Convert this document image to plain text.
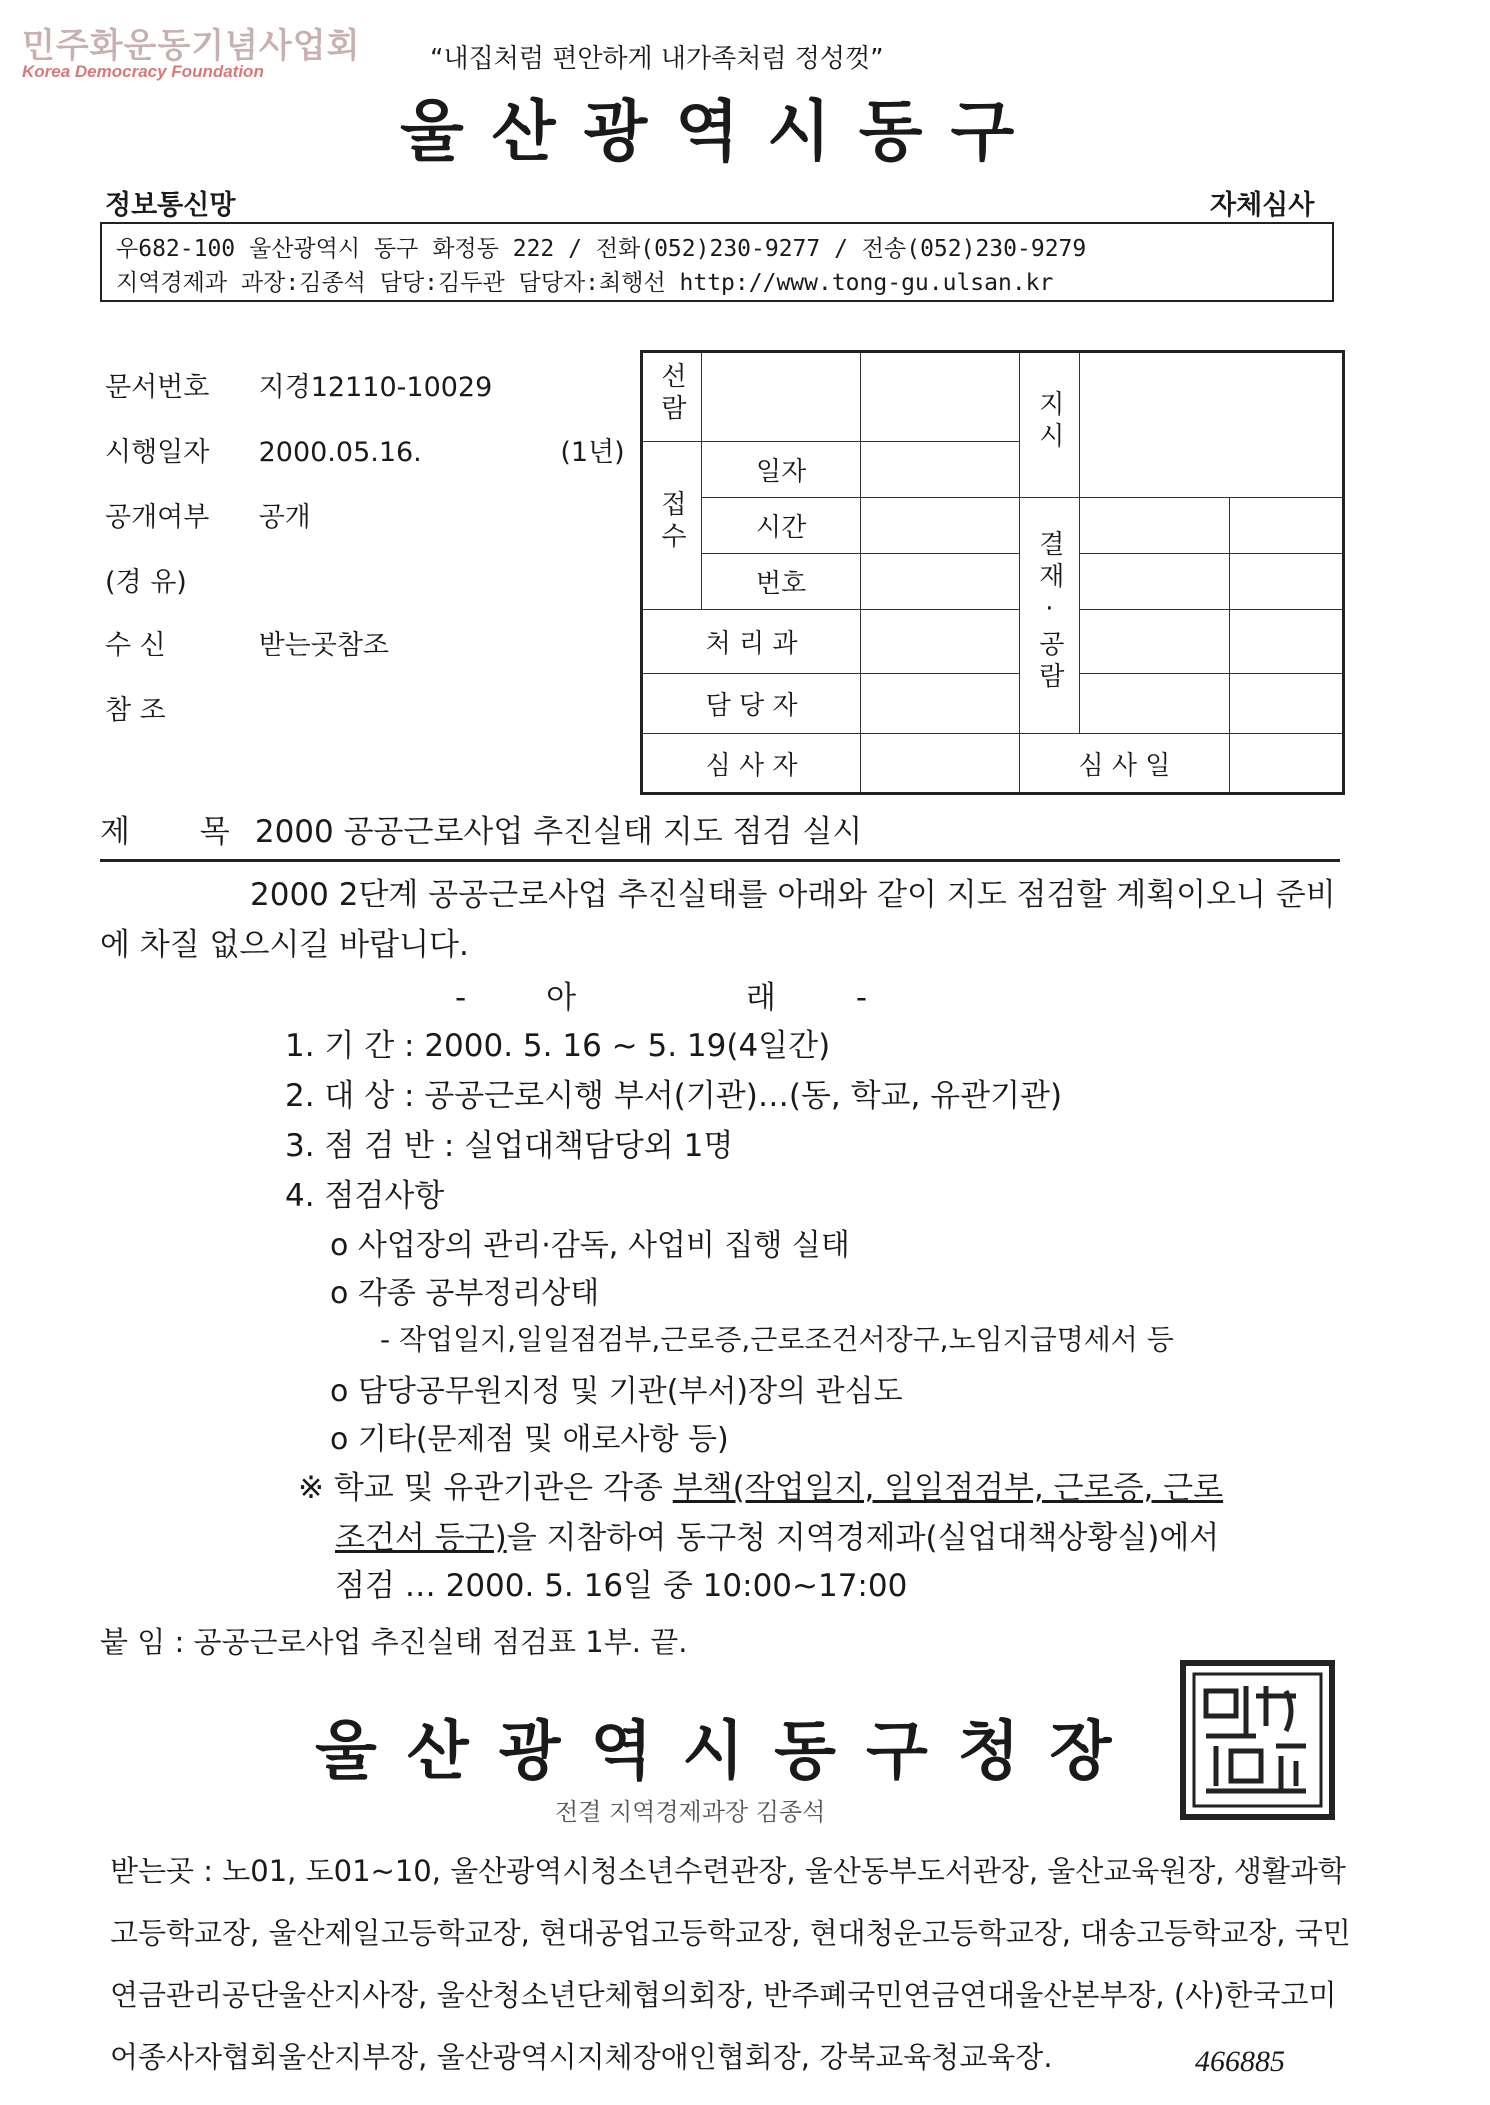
민주화운동기념사업회
Korea Democracy Foundation	“내집처럼 편안하게 내가족처럼 정성껏”
울산광역시동구
정보통신망	자체심사
우682-100 울산광역시 동구 화정동 222 / 전화(052)230-9277 / 전송(052)230-9279
지역경제과 과장:김종석 담당:김두관 담당자:최행선 http://www.tong-gu.ulsan.kr
문서번호 지경12110-10029
시행일자 2000.05.16.	(1년)
공개여부 공개
(경 유)
수 신	받는곳참조
참 조
선람			지시		
접수	일자				
	시간		결재·공람		
	번호				
처 리 과					
담 당 자					
심 사 자			심 사 일		
제 목 2000 공공근로사업 추진실태 지도 점검 실시
2000 2단계 공공근로사업 추진실태를 아래와 같이 지도 점검할 계획이오니 준비에 차질 없으시길 바랍니다.
-아 래-
1. 기 간 : 2000. 5. 16 ~ 5. 19(4일간)
2. 대 상 : 공공근로시행 부서(기관)…(동, 학교, 유관기관)
3. 점 검 반 : 실업대책담당외 1명
4. 점검사항
o 사업장의 관리·감독, 사업비 집행 실태
o 각종 공부정리상태
- 작업일지,일일점검부,근로증,근로조건서장구,노임지급명세서 등
o 담당공무원지정 및 기관(부서)장의 관심도
o 기타(문제점 및 애로사항 등)
※ 학교 및 유관기관은 각종 부책(작업일지, 일일점검부, 근로증, 근로
조건서 등구)을 지참하여 동구청 지역경제과(실업대책상황실)에서
점검 … 2000. 5. 16일 중 10:00~17:00
붙 임 : 공공근로사업 추진실태 점검표 1부. 끝.
울산광역시동구청장
전결 지역경제과장 김종석
받는곳 : 노01, 도01~10, 울산광역시청소년수련관장, 울산동부도서관장, 울산교육원장, 생활과학고등학교장, 울산제일고등학교장, 현대공업고등학교장, 현대청운고등학교장, 대송고등학교장, 국민연금관리공단울산지사장, 울산청소년단체협의회장, 반주폐국민연금연대울산본부장, (사)한국고미어종사자협회울산지부장, 울산광역시지체장애인협회장, 강북교육청교육장.	466885
